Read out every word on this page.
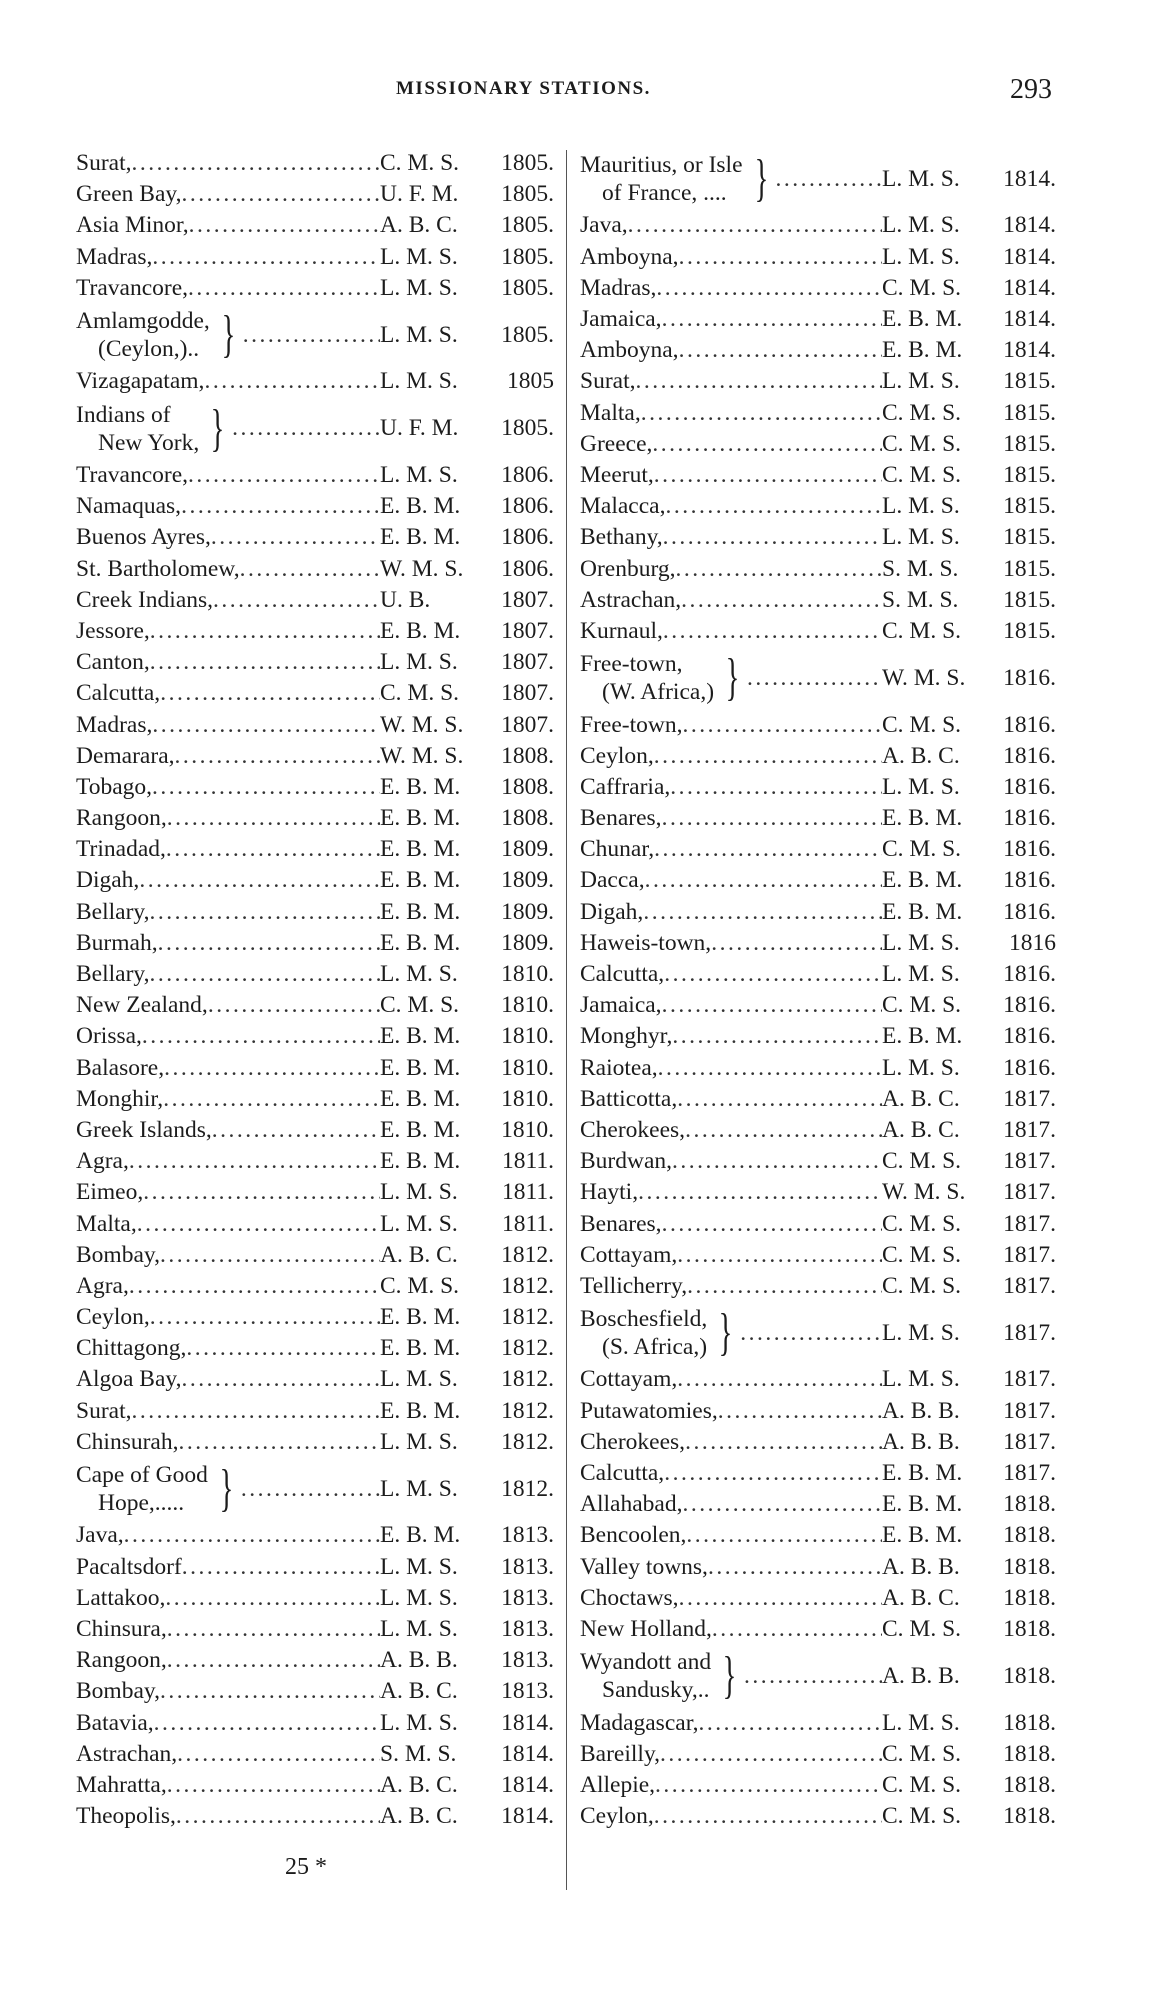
MISSIONARY STATIONS.	293
Surat, .....	C. M. S.	1805.
Green Bay, .....	U. F. M.	1805.
Asia Minor, .....	A. B. C.	1805.
Madras, .....	L. M. S.	1805.
Travancore, .....	L. M. S.	1805.
Amlamgodde,
(Ceylon,).. } .....	L. M. S.	1805.
Vizagapatam, .....	L. M. S.	1805
Indians of
New York, } .....	U. F. M.	1805.
Travancore, .....	L. M. S.	1806.
Namaquas, .....	E. B. M.	1806.
Buenos Ayres, .....	E. B. M.	1806.
St. Bartholomew, .....	W. M. S.	1806.
Creek Indians, .....	U. B.	1807.
Jessore, .....	E. B. M.	1807.
Canton, .....	L. M. S.	1807.
Calcutta, .....	C. M. S.	1807.
Madras, .....	W. M. S.	1807.
Demarara, .....	W. M. S.	1808.
Tobago, .....	E. B. M.	1808.
Rangoon, .....	E. B. M.	1808.
Trinadad, .....	E. B. M.	1809.
Digah, .....	E. B. M.	1809.
Bellary, .....	E. B. M.	1809.
Burmah, .....	E. B. M.	1809.
Bellary, .....	L. M. S.	1810.
New Zealand, .....	C. M. S.	1810.
Orissa, .....	E. B. M.	1810.
Balasore, .....	E. B. M.	1810.
Monghir, .....	E. B. M.	1810.
Greek Islands, .....	E. B. M.	1810.
Agra, .....	E. B. M.	1811.
Eimeo, .....	L. M. S.	1811.
Malta, .....	L. M. S.	1811.
Bombay, .....	A. B. C.	1812.
Agra, .....	C. M. S.	1812.
Ceylon, .....	E. B. M.	1812.
Chittagong, .....	E. B. M.	1812.
Algoa Bay, .....	L. M. S.	1812.
Surat, .....	E. B. M.	1812.
Chinsurah, .....	L. M. S.	1812.
Cape of Good
Hope,..... } .....	L. M. S.	1812.
Java, .....	E. B. M.	1813.
Pacaltsdorf .....	L. M. S.	1813.
Lattakoo, .....	L. M. S.	1813.
Chinsura, .....	L. M. S.	1813.
Rangoon, .....	A. B. B.	1813.
Bombay, .....	A. B. C.	1813.
Batavia, .....	L. M. S.	1814.
Astrachan, .....	S. M. S.	1814.
Mahratta, .....	A. B. C.	1814.
Theopolis, .....	A. B. C.	1814.
Mauritius, or Isle
of France, .... } .....	L. M. S.	1814.
Java, .....	L. M. S.	1814.
Amboyna, .....	L. M. S.	1814.
Madras, .....	C. M. S.	1814.
Jamaica, .....	E. B. M.	1814.
Amboyna, .....	E. B. M.	1814.
Surat, .....	L. M. S.	1815.
Malta, .....	C. M. S.	1815.
Greece, .....	C. M. S.	1815.
Meerut, .....	C. M. S.	1815.
Malacca, .....	L. M. S.	1815.
Bethany, .....	L. M. S.	1815.
Orenburg, .....	S. M. S.	1815.
Astrachan, .....	S. M. S.	1815.
Kurnaul, .....	C. M. S.	1815.
Free-town,
(W. Africa,) } .....	W. M. S.	1816.
Free-town, .....	C. M. S.	1816.
Ceylon, .....	A. B. C.	1816.
Caffraria, .....	L. M. S.	1816.
Benares, .....	E. B. M.	1816.
Chunar, .....	C. M. S.	1816.
Dacca, .....	E. B. M.	1816.
Digah, .....	E. B. M.	1816.
Haweis-town, .....	L. M. S.	1816
Calcutta, .....	L. M. S.	1816.
Jamaica, .....	C. M. S.	1816.
Monghyr, .....	E. B. M.	1816.
Raiotea, .....	L. M. S.	1816.
Batticotta, .....	A. B. C.	1817.
Cherokees, .....	A. B. C.	1817.
Burdwan, .....	C. M. S.	1817.
Hayti, .....	W. M. S.	1817.
Benares, .....	C. M. S.	1817.
Cottayam, .....	C. M. S.	1817.
Tellicherry, .....	C. M. S.	1817.
Boschesfield,
(S. Africa,) } .....	L. M. S.	1817.
Cottayam, .....	L. M. S.	1817.
Putawatomies, .....	A. B. B.	1817.
Cherokees, .....	A. B. B.	1817.
Calcutta, .....	E. B. M.	1817.
Allahabad, .....	E. B. M.	1818.
Bencoolen, .....	E. B. M.	1818.
Valley towns, .....	A. B. B.	1818.
Choctaws, .....	A. B. C.	1818.
New Holland, .....	C. M. S.	1818.
Wyandott and
Sandusky,.. } .....	A. B. B.	1818.
Madagascar, .....	L. M. S.	1818.
Bareilly, .....	C. M. S.	1818.
Allepie, .....	C. M. S.	1818.
Ceylon, .....	C. M. S.	1818.
25 *
